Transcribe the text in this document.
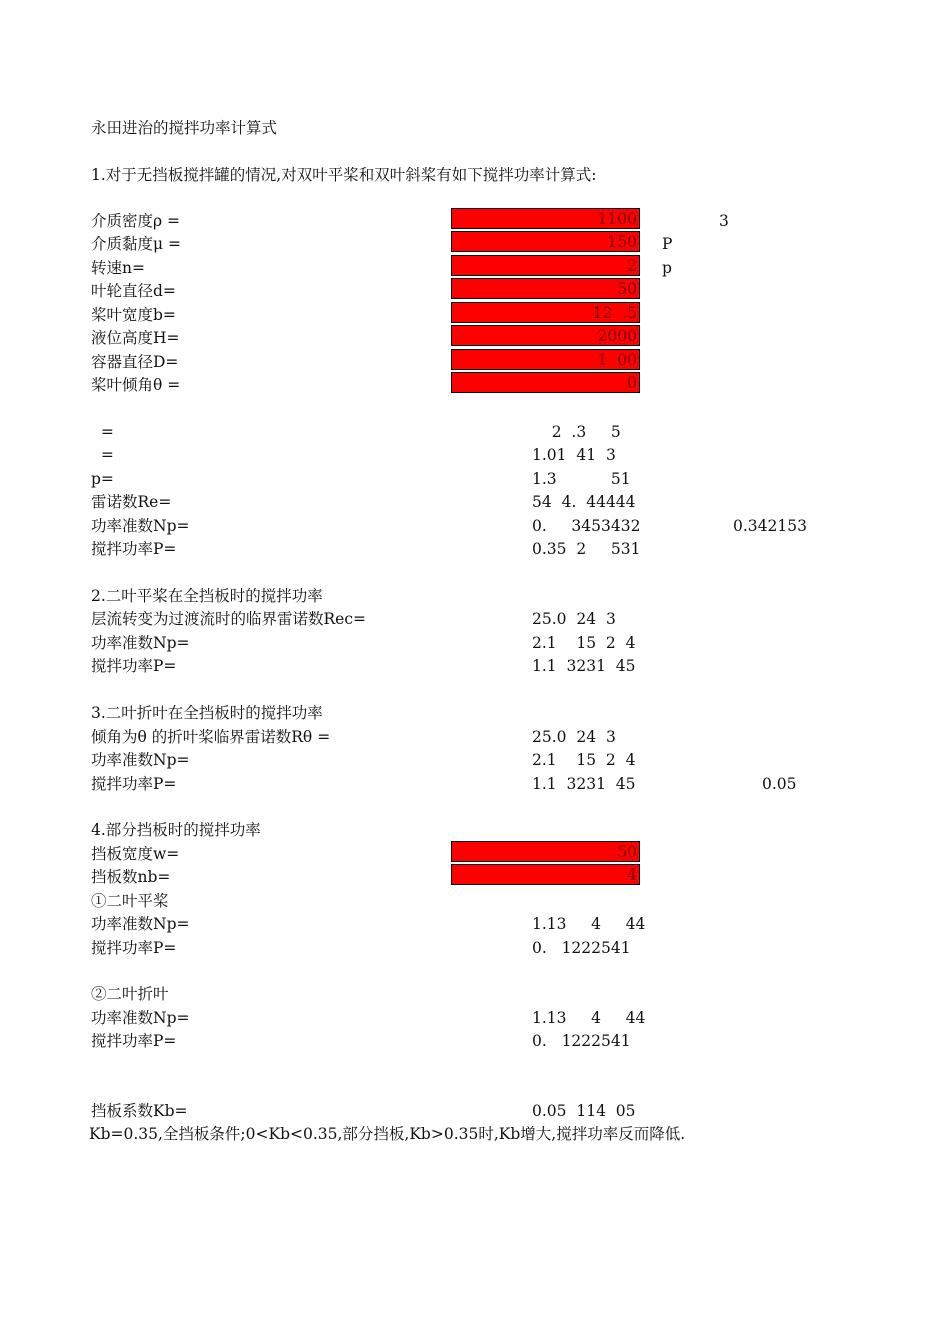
永田进治的搅拌功率计算式
1.对于无挡板搅拌罐的情况,对双叶平桨和双叶斜桨有如下搅拌功率计算式:
介质密度ρ =	1100	3
介质黏度μ =	150 P
转速n=	2 p
叶轮直径d=	50
桨叶宽度b=	12  .5
液位高度H=	2000
容器直径D=	1  00
桨叶倾角θ =	0
=	2  .3     5
=	1.01  41  3
p=	1.3           51
雷诺数Re=	54  4.  44444
功率准数Np=	0.     3453432	0.342153
搅拌功率P=	0.35  2     531
2.二叶平桨在全挡板时的搅拌功率
层流转变为过渡流时的临界雷诺数Rec=	25.0  24  3
功率准数Np=	2.1    15  2  4
搅拌功率P=	1.1  3231  45
3.二叶折叶在全挡板时的搅拌功率
倾角为θ 的折叶桨临界雷诺数Rθ =	25.0  24  3
功率准数Np=	2.1    15  2  4
搅拌功率P=	1.1  3231  45	0.05
4.部分挡板时的搅拌功率
挡板宽度w=	50
挡板数nb=	4
①二叶平桨
功率准数Np=	1.13     4     44
搅拌功率P=	0.   1222541
②二叶折叶
功率准数Np=	1.13     4     44
搅拌功率P=	0.   1222541
挡板系数Kb=	0.05  114  05
Kb=0.35,全挡板条件;0<Kb<0.35,部分挡板,Kb>0.35时,Kb增大,搅拌功率反而降低.
